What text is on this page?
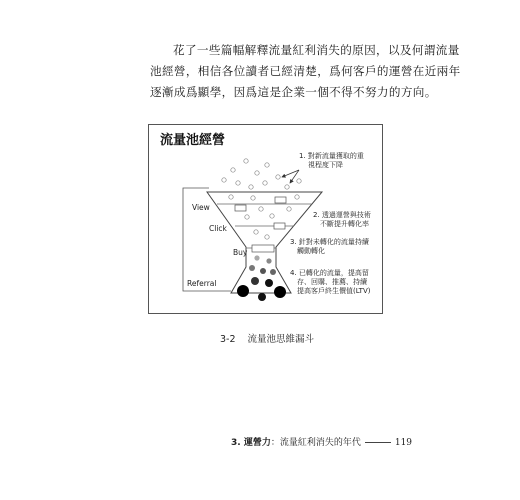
花了一些篇幅解釋流量紅利消失的原因，以及何謂流量
池經營，相信各位讀者已經清楚，爲何客戶的運營在近兩年
逐漸成爲顯學，因爲這是企業一個不得不努力的方向。
流量池經營
View
Click
Buy
Referral
1. 對新流量獲取的重
視程度下降
2. 透過運營與技術
不斷提升轉化率
3. 針對未轉化的流量持續
觸動轉化
4. 已轉化的流量，提高留
存、回購、推薦、持續
提高客戶終生價值(LTV)
3-2 流量池思維漏斗
3. 運營力：流量紅利消失的年代	119
